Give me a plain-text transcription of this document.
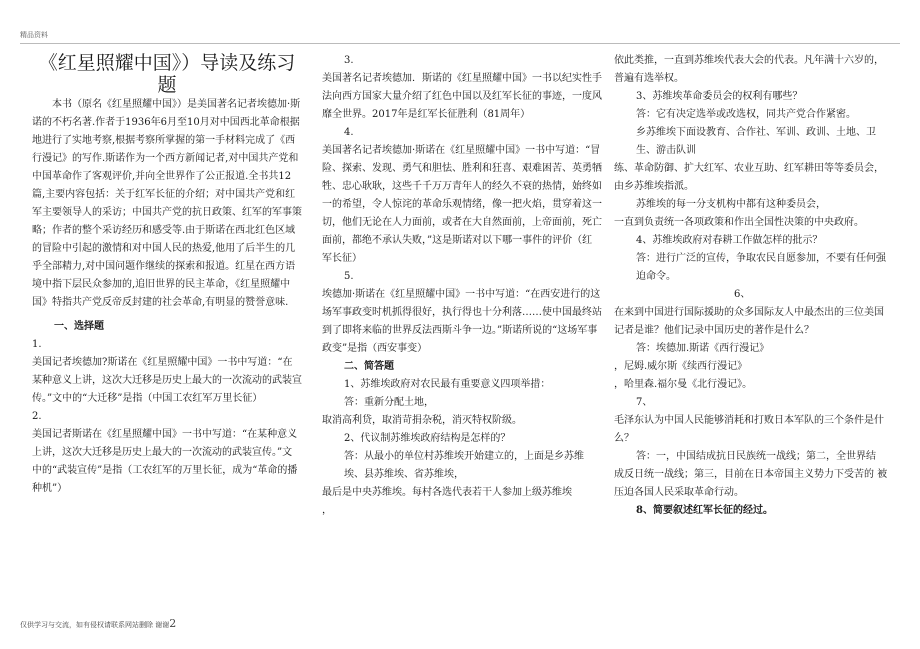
精品资料

《红星照耀中国》）导读及练习题

本书（原名《红星照耀中国》）是美国著名记者埃德加·斯诺的不朽名著.作者于1936年6月至10月对中国西北革命根据地进行了实地考察,根据考察所掌握的第一手材料完成了《西行漫记》的写作.斯诺作为一个西方新闻记者,对中国共产党和中国革命作了客观评价,并向全世界作了公正报道.全书共12篇,主要内容包括：关于红军长征的介绍；对中国共产党和红军主要领导人的采访；中国共产党的抗日政策、红军的军事策略；作者的整个采访经历和感受等.由于斯诺在西北红色区域的冒险中引起的激情和对中国人民的热爱,他用了后半生的几乎全部精力,对中国问题作继续的探索和报道。红星在西方语境中指下层民众参加的,追旧世界的民主革命，《红星照耀中国》特指共产党反帝反封建的社会革命,有明显的赞誉意味.

一、选择题

1.

美国记者埃德加?斯诺在《红星照耀中国》一书中写道：“在某种意义上讲，这次大迁移是历史上最大的一次流动的武装宣传。”文中的“大迁移”是指（中国工农红军万里长征）

2.

美国记者斯诺在《红星照耀中国》一书中写道：“在某种意义上讲，这次大迁移是历史上最大的一次流动的武装宣传。”文中的“武装宣传”是指（工农红军的万里长征，成为“革命的播种机”）

3.

美国著名记者埃德加．斯诺的《红星照耀中国》一书以纪实性手法向西方国家大量介绍了红色中国以及红军长征的事迹，一度风靡全世界。2017年是红军长征胜利（81周年）

4.

美国著名记者埃德加·斯诺在《红星照耀中国》一书中写道：“冒险、探索、发现、勇气和胆怯、胜利和狂喜、艰难困苦、英勇牺牲、忠心耿耿，这些千千万万青年人的经久不衰的热情，始终如一的希望，令人惊诧的革命乐观情绪，像一把火焰，贯穿着这一切，他们无论在人力面前，或者在大自然面前，上帝面前，死亡面前，都绝不承认失败，”这是斯诺对以下哪一事件的评价（红军长征）

5.

埃德加·斯诺在《红星照耀中国》一书中写道：“在西安进行的这场军事政变时机抓得很好，执行得也十分利落……使中国最终站到了即将来临的世界反法西斯斗争一边。”斯诺所说的“这场军事政变”是指（西安事变）

二、简答题

1、苏维埃政府对农民最有重要意义四项举措：

答：重新分配土地，

取消高利贷，取消苛捐杂税，消灭特权阶级。

2、代议制苏维埃政府结构是怎样的？

答：从最小的单位村苏维埃开始建立的，上面是乡苏维埃、县苏维埃、省苏维埃，

最后是中央苏维埃。每村各选代表若干人参加上级苏维埃

，

依此类推，一直到苏维埃代表大会的代表。凡年满十六岁的， 普遍有选举权。

3、苏维埃革命委员会的权利有哪些？

答：它有决定选举或改选权，同共产党合作紧密。

乡苏维埃下面设教育、合作社、军训、政训、土地、卫生、游击队训

练、革命防御、扩大红军、农业互助、红军耕田等等委员会，由乡苏维埃指派。

苏维埃的每一分支机构中都有这种委员会，

一直到负责统一各项政策和作出全国性决策的中央政府。

4、苏维埃政府对春耕工作做怎样的批示？

答：进行广泛的宣传，争取农民自愿参加，不要有任何强迫命令。

6、

在来到中国进行国际援助的众多国际友人中最杰出的三位美国记者是谁？他们记录中国历史的著作是什么？

答：埃德加.斯诺《西行漫记》

，尼姆.威尔斯《续西行漫记》

，哈里森.福尔曼《北行漫记》。

7、

毛泽东认为中国人民能够消耗和打败日本军队的三个条件是什么？

答：一，中国结成抗日民族统一战线；第二，全世界结

成反日统一战线；第三，目前在日本帝国主义势力下受苦的 被压迫各国人民采取革命行动。

8、简要叙述红军长征的经过。

仅供学习与交流，如有侵权请联系网站删除 谢谢2
